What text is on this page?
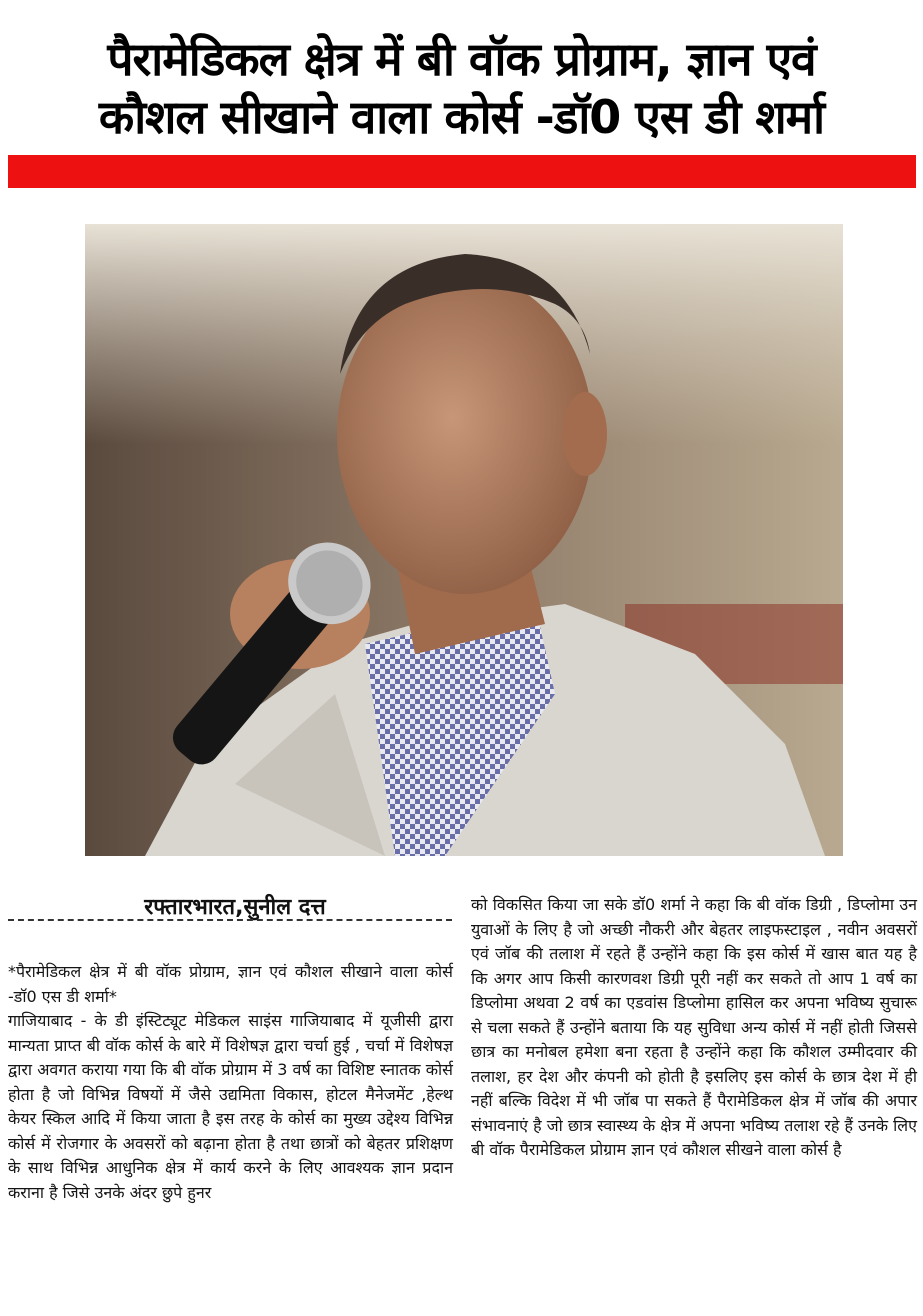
पैरामेडिकल क्षेत्र में बी वॉक प्रोग्राम, ज्ञान एवं
कौशल सीखाने वाला कोर्स -डॉ0 एस डी शर्मा
रफ्तारभारत,सुनील दत्त

*पैरामेडिकल क्षेत्र में बी वॉक प्रोग्राम, ज्ञान एवं कौशल सीखाने वाला कोर्स -डॉ0 एस डी शर्मा*

गाजियाबाद - के डी इंस्टिट्यूट मेडिकल साइंस गाजियाबाद में यूजीसी द्वारा मान्यता प्राप्त बी वॉक कोर्स के बारे में विशेषज्ञ द्वारा चर्चा हुई , चर्चा में विशेषज्ञ द्वारा अवगत कराया गया कि बी वॉक प्रोग्राम में 3 वर्ष का विशिष्ट स्नातक कोर्स होता है जो विभिन्न विषयों में जैसे उद्यमिता विकास, होटल मैनेजमेंट ,हेल्थ केयर स्किल आदि में किया जाता है इस तरह के कोर्स का मुख्य उद्देश्य विभिन्न कोर्स में रोजगार के अवसरों को बढ़ाना होता है तथा छात्रों को बेहतर प्रशिक्षण के साथ विभिन्न आधुनिक क्षेत्र में कार्य करने के लिए आवश्यक ज्ञान प्रदान कराना है जिसे उनके अंदर छुपे हुनर

को विकसित किया जा सके डॉ0 शर्मा ने कहा कि बी वॉक डिग्री , डिप्लोमा उन युवाओं के लिए है जो अच्छी नौकरी और बेहतर लाइफस्टाइल , नवीन अवसरों एवं जॉब की तलाश में रहते हैं उन्होंने कहा कि इस कोर्स में खास बात यह है कि अगर आप किसी कारणवश डिग्री पूरी नहीं कर सकते तो आप 1 वर्ष का डिप्लोमा अथवा 2 वर्ष का एडवांस डिप्लोमा हासिल कर अपना भविष्य सुचारू से चला सकते हैं उन्होंने बताया कि यह सुविधा अन्य कोर्स में नहीं होती जिससे छात्र का मनोबल हमेशा बना रहता है उन्होंने कहा कि कौशल उम्मीदवार की तलाश, हर देश और कंपनी को होती है इसलिए इस कोर्स के छात्र देश में ही नहीं बल्कि विदेश में भी जॉब पा सकते हैं पैरामेडिकल क्षेत्र में जॉब की अपार संभावनाएं है जो छात्र स्वास्थ्य के क्षेत्र में अपना भविष्य तलाश रहे हैं उनके लिए बी वॉक पैरामेडिकल प्रोग्राम ज्ञान एवं कौशल सीखने वाला कोर्स है
